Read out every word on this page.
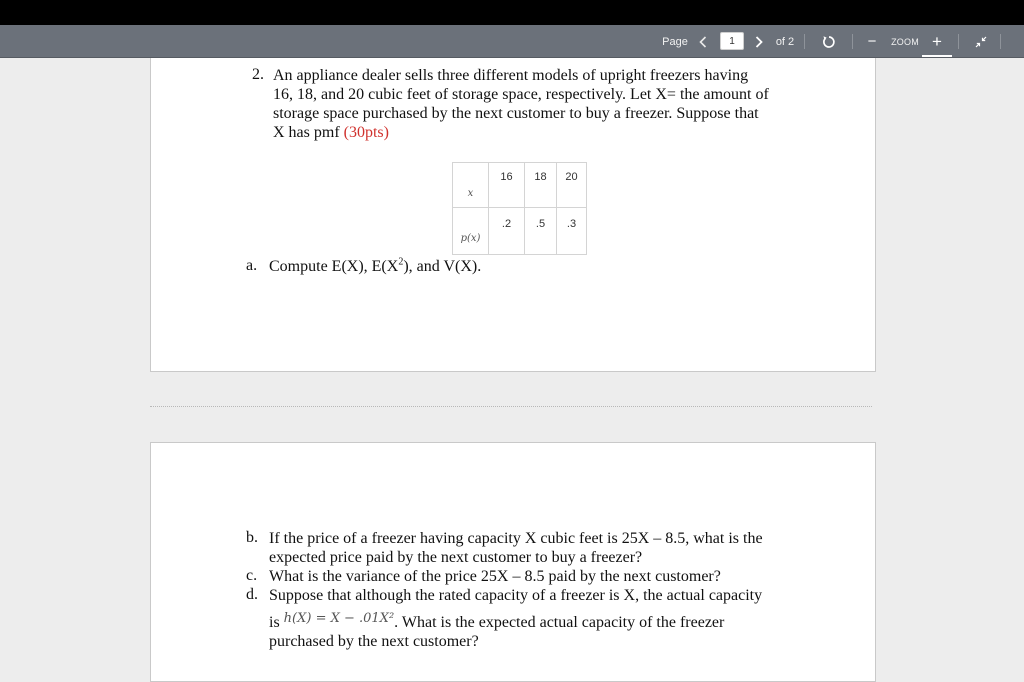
Page
1	of 2	−	ZOOM +
2. An appliance dealer sells three different models of upright freezers having
16, 18, and 20 cubic feet of storage space, respectively. Let X= the amount of
storage space purchased by the next customer to buy a freezer. Suppose that
X has pmf (30pts)
x	16	18	20
p(x)	.2	.5	.3
a. Compute E(X), $E(X^2)$, and V(X).
b. If the price of a freezer having capacity X cubic feet is 25X – 8.5, what is the
expected price paid by the next customer to buy a freezer?
c. What is the variance of the price 25X – 8.5 paid by the next customer?
d. Suppose that although the rated capacity of a freezer is X, the actual capacity
is $^{h(X) = X - .01X^2}$. What is the expected actual capacity of the freezer
purchased by the next customer?
